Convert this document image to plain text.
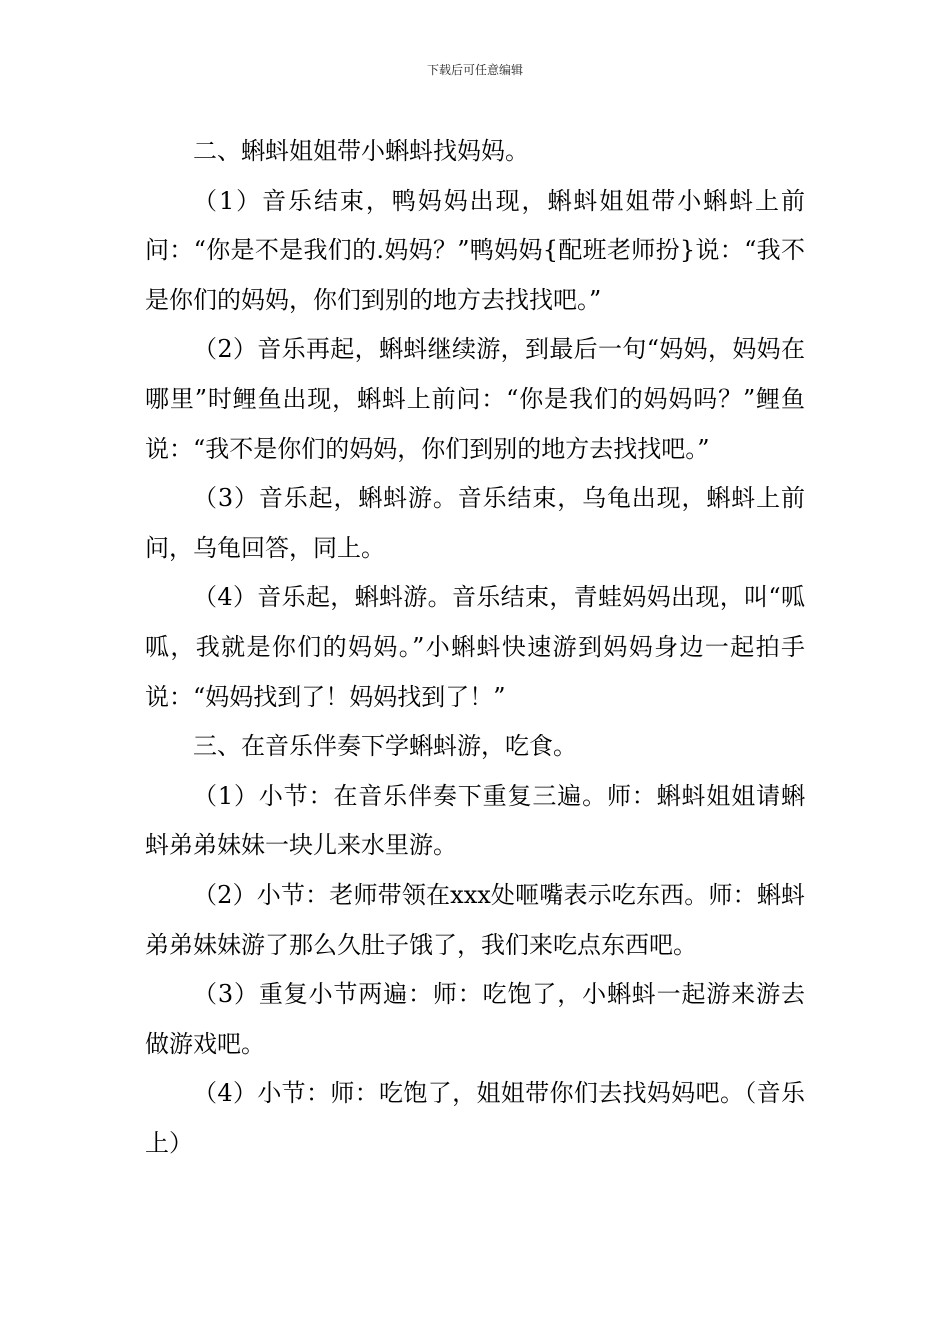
下载后可任意编辑

二、蝌蚪姐姐带小蝌蚪找妈妈。

（1）音乐结束，鸭妈妈出现，蝌蚪姐姐带小蝌蚪上前问：“你是不是我们的.妈妈？”鸭妈妈{配班老师扮}说：“我不是你们的妈妈，你们到别的地方去找找吧。”

（2）音乐再起，蝌蚪继续游，到最后一句“妈妈，妈妈在哪里”时鲤鱼出现，蝌蚪上前问：“你是我们的妈妈吗？”鲤鱼说：“我不是你们的妈妈，你们到别的地方去找找吧。”

（3）音乐起，蝌蚪游。音乐结束，乌龟出现，蝌蚪上前问，乌龟回答，同上。

（4）音乐起，蝌蚪游。音乐结束，青蛙妈妈出现，叫“呱呱，我就是你们的妈妈。”小蝌蚪快速游到妈妈身边一起拍手说：“妈妈找到了！妈妈找到了！”

三、在音乐伴奏下学蝌蚪游，吃食。

（1）小节：在音乐伴奏下重复三遍。师：蝌蚪姐姐请蝌蚪弟弟妹妹一块儿来水里游。

（2）小节：老师带领在xxx处咂嘴表示吃东西。师：蝌蚪弟弟妹妹游了那么久肚子饿了，我们来吃点东西吧。

（3）重复小节两遍：师：吃饱了，小蝌蚪一起游来游去做游戏吧。

（4）小节：师：吃饱了，姐姐带你们去找妈妈吧。（音乐上）
